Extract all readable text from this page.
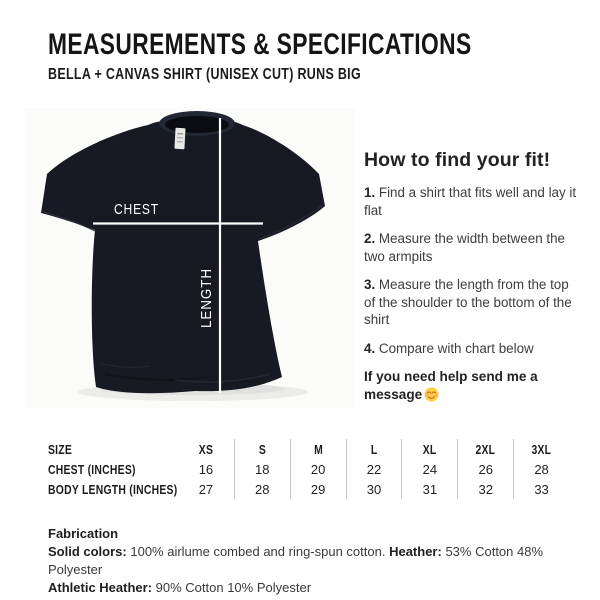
MEASUREMENTS & SPECIFICATIONS
BELLA + CANVAS SHIRT (UNISEX CUT) RUNS BIG
CHEST
LENGTH
How to find your fit!

1. Find a shirt that fits well and lay it flat

2. Measure the width between the two armpits

3. Measure the length from the top of the shoulder to the bottom of the shirt

4. Compare with chart below

If you need help send me a message

SIZE	XS	S	M	L	XL	2XL	3XL
CHEST (INCHES)	16	18	20	22	24	26	28
BODY LENGTH (INCHES)	27	28	29	30	31	32	33
Fabrication
Solid colors: 100% airlume combed and ring-spun cotton. Heather: 53% Cotton 48% Polyester
Athletic Heather: 90% Cotton 10% Polyester
